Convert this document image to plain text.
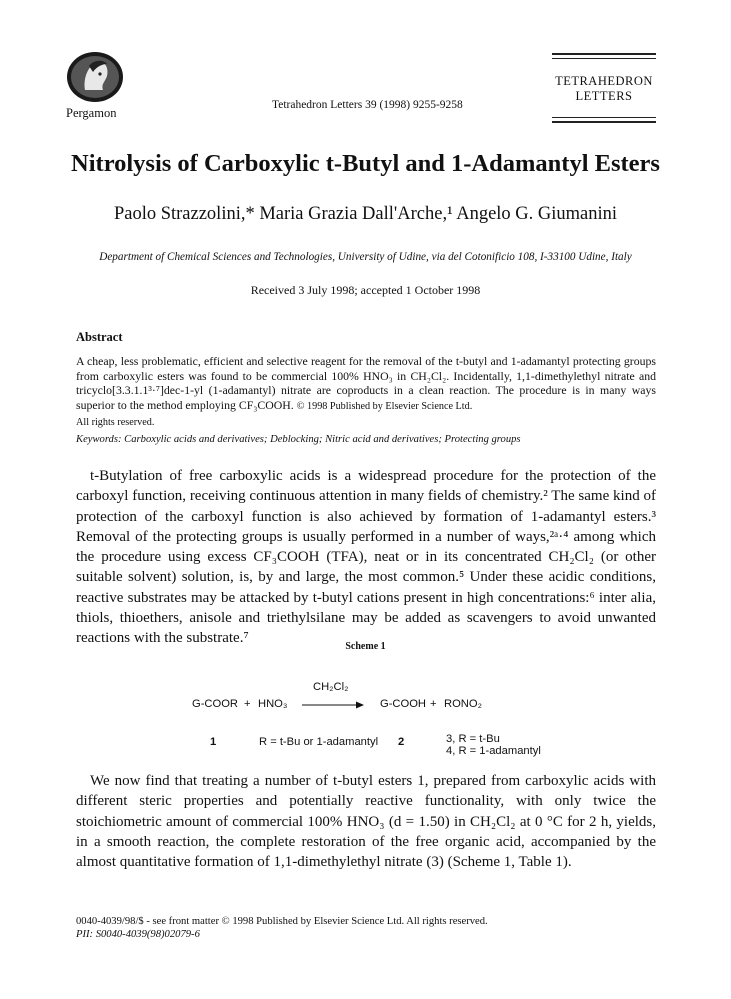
Pergamon
Tetrahedron Letters 39 (1998) 9255-9258
TETRAHEDRON
LETTERS
Nitrolysis of Carboxylic t-Butyl and 1-Adamantyl Esters
Paolo Strazzolini,* Maria Grazia Dall'Arche,¹ Angelo G. Giumanini
Department of Chemical Sciences and Technologies, University of Udine, via del Cotonificio 108, I-33100 Udine, Italy
Received 3 July 1998; accepted 1 October 1998
Abstract
A cheap, less problematic, efficient and selective reagent for the removal of the t-butyl and 1-adamantyl protecting groups from carboxylic esters was found to be commercial 100% HNO₃ in CH₂Cl₂. Incidentally, 1,1-dimethylethyl nitrate and tricyclo[3.3.1.1³·⁷]dec-1-yl (1-adamantyl) nitrate are coproducts in a clean reaction. The procedure is in many ways superior to the method employing CF₃COOH. © 1998 Published by Elsevier Science Ltd.
All rights reserved.
Keywords: Carboxylic acids and derivatives; Deblocking; Nitric acid and derivatives; Protecting groups
t-Butylation of free carboxylic acids is a widespread procedure for the protection of the carboxyl function, receiving continuous attention in many fields of chemistry.² The same kind of protection of the carboxyl function is also achieved by formation of 1-adamantyl esters.³ Removal of the protecting groups is usually performed in a number of ways,²ᵃ·⁴ among which the procedure using excess CF₃COOH (TFA), neat or in its concentrated CH₂Cl₂ (or other suitable solvent) solution, is, by and large, the most common.⁵ Under these acidic conditions, reactive substrates may be attacked by t-butyl cations present in high concentrations:⁶ inter alia, thiols, thioethers, anisole and triethylsilane may be added as scavengers to avoid unwanted reactions with the substrate.⁷
Scheme 1
CH₂Cl₂
G-COOR + HNO₃	G-COOH + RONO₂
1	R = t-Bu or 1-adamantyl 2	3, R = t-Bu
4, R = 1-adamantyl
We now find that treating a number of t-butyl esters 1, prepared from carboxylic acids with different steric properties and potentially reactive functionality, with only twice the stoichiometric amount of commercial 100% HNO₃ (d = 1.50) in CH₂Cl₂ at 0 °C for 2 h, yields, in a smooth reaction, the complete restoration of the free organic acid, accompanied by the almost quantitative formation of 1,1-dimethylethyl nitrate (3) (Scheme 1, Table 1).
0040-4039/98/$ - see front matter © 1998 Published by Elsevier Science Ltd. All rights reserved.
PII: S0040-4039(98)02079-6
